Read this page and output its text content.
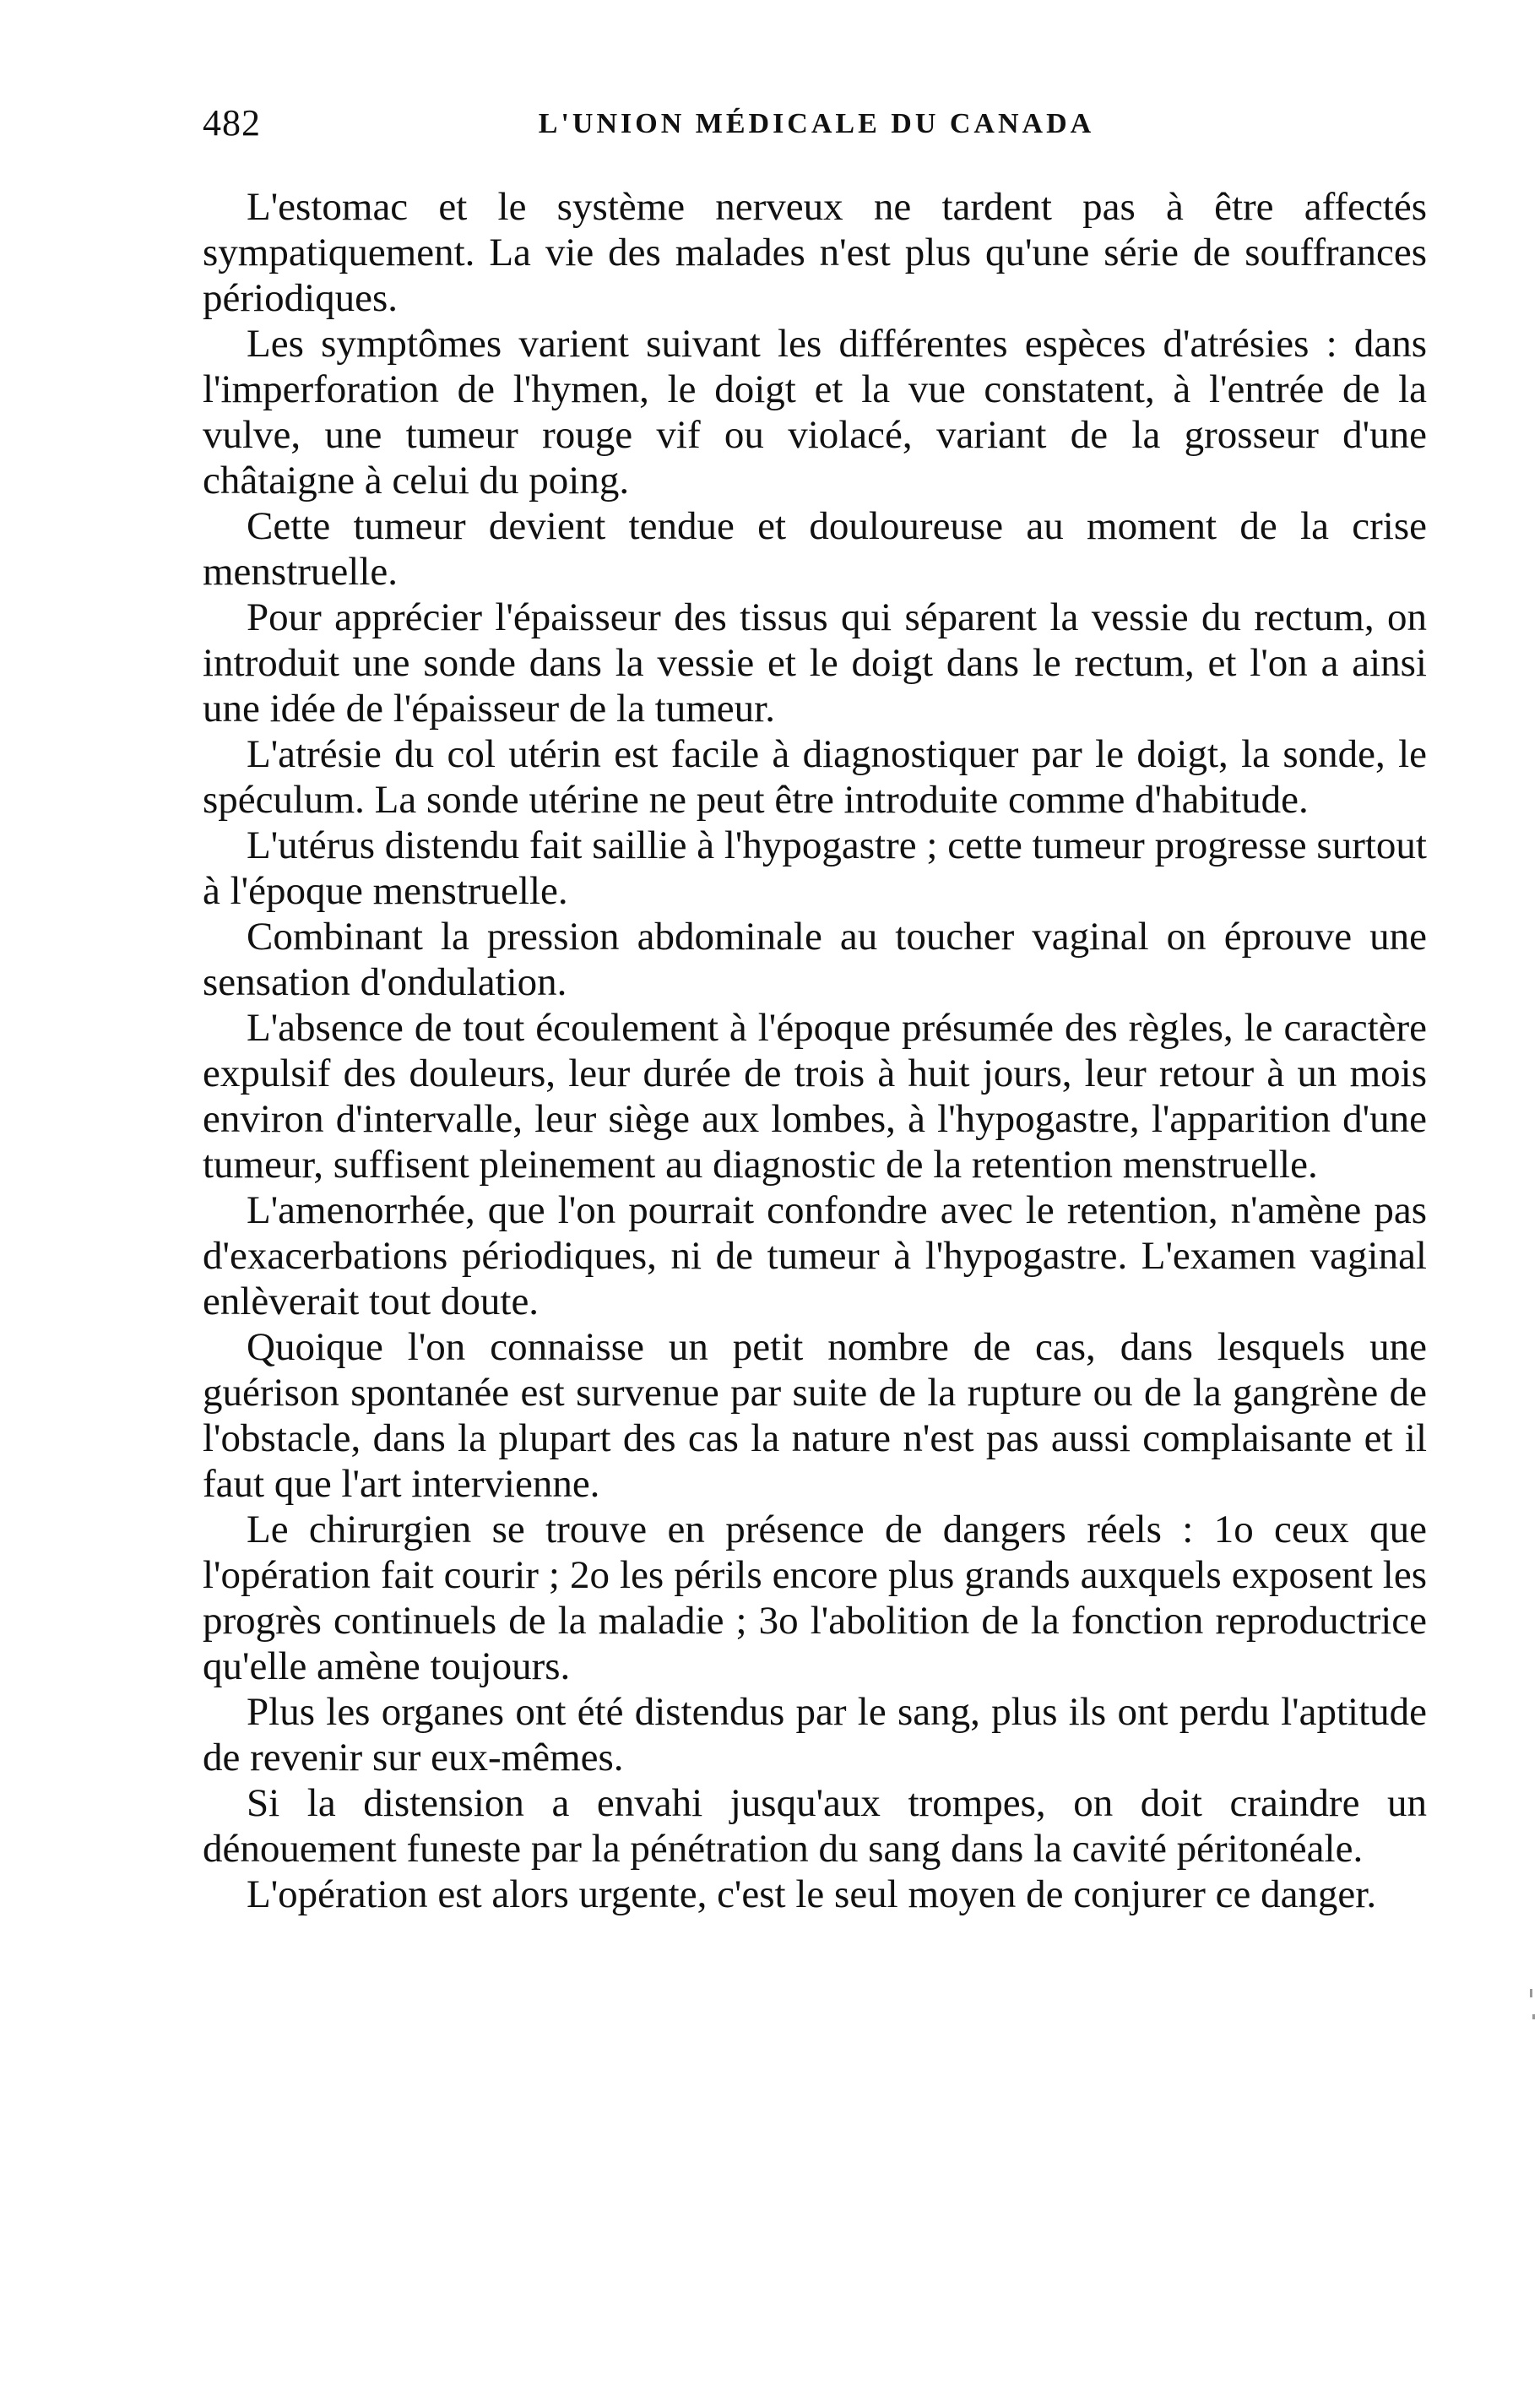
482	L'UNION MÉDICALE DU CANADA

L'estomac et le système nerveux ne tardent pas à être affectés sympatiquement. La vie des malades n'est plus qu'une série de souffrances périodiques.

Les symptômes varient suivant les différentes espèces d'atrésies : dans l'imperforation de l'hymen, le doigt et la vue constatent, à l'entrée de la vulve, une tumeur rouge vif ou violacé, variant de la grosseur d'une châtaigne à celui du poing.

Cette tumeur devient tendue et douloureuse au moment de la crise menstruelle.

Pour apprécier l'épaisseur des tissus qui séparent la vessie du rectum, on introduit une sonde dans la vessie et le doigt dans le rectum, et l'on a ainsi une idée de l'épaisseur de la tumeur.

L'atrésie du col utérin est facile à diagnostiquer par le doigt, la sonde, le spéculum. La sonde utérine ne peut être introduite comme d'habitude.

L'utérus distendu fait saillie à l'hypogastre ; cette tumeur progresse surtout à l'époque menstruelle.

Combinant la pression abdominale au toucher vaginal on éprouve une sensation d'ondulation.

L'absence de tout écoulement à l'époque présumée des règles, le caractère expulsif des douleurs, leur durée de trois à huit jours, leur retour à un mois environ d'intervalle, leur siège aux lombes, à l'hypogastre, l'apparition d'une tumeur, suffisent pleinement au diagnostic de la retention menstruelle.

L'amenorrhée, que l'on pourrait confondre avec le retention, n'amène pas d'exacerbations périodiques, ni de tumeur à l'hypogastre. L'examen vaginal enlèverait tout doute.

Quoique l'on connaisse un petit nombre de cas, dans lesquels une guérison spontanée est survenue par suite de la rupture ou de la gangrène de l'obstacle, dans la plupart des cas la nature n'est pas aussi complaisante et il faut que l'art intervienne.

Le chirurgien se trouve en présence de dangers réels : 1o ceux que l'opération fait courir ; 2o les périls encore plus grands auxquels exposent les progrès continuels de la maladie ; 3o l'abolition de la fonction reproductrice qu'elle amène toujours.

Plus les organes ont été distendus par le sang, plus ils ont perdu l'aptitude de revenir sur eux-mêmes.

Si la distension a envahi jusqu'aux trompes, on doit craindre un dénouement funeste par la pénétration du sang dans la cavité péritonéale.

L'opération est alors urgente, c'est le seul moyen de conjurer ce danger.
